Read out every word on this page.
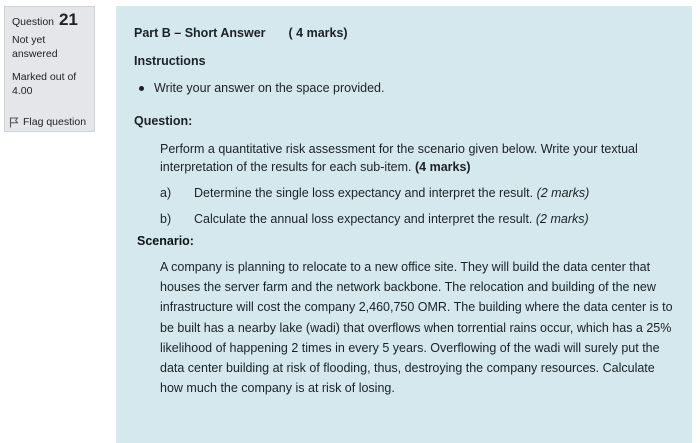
Question 21
Not yet answered
Marked out of
4.00
Flag question
Part B – Short Answer ( 4 marks)
Instructions
Write your answer on the space provided.
Question:
Perform a quantitative risk assessment for the scenario given below. Write your textual interpretation of the results for each sub-item. (4 marks)
a)	Determine the single loss expectancy and interpret the result. (2 marks)
b)	Calculate the annual loss expectancy and interpret the result. (2 marks)
Scenario:
A company is planning to relocate to a new office site. They will build the data center that houses the server farm and the network backbone. The relocation and building of the new infrastructure will cost the company 2,460,750 OMR. The building where the data center is to be built has a nearby lake (wadi) that overflows when torrential rains occur, which has a 25% likelihood of happening 2 times in every 5 years. Overflowing of the wadi will surely put the data center building at risk of flooding, thus, destroying the company resources. Calculate how much the company is at risk of losing.
